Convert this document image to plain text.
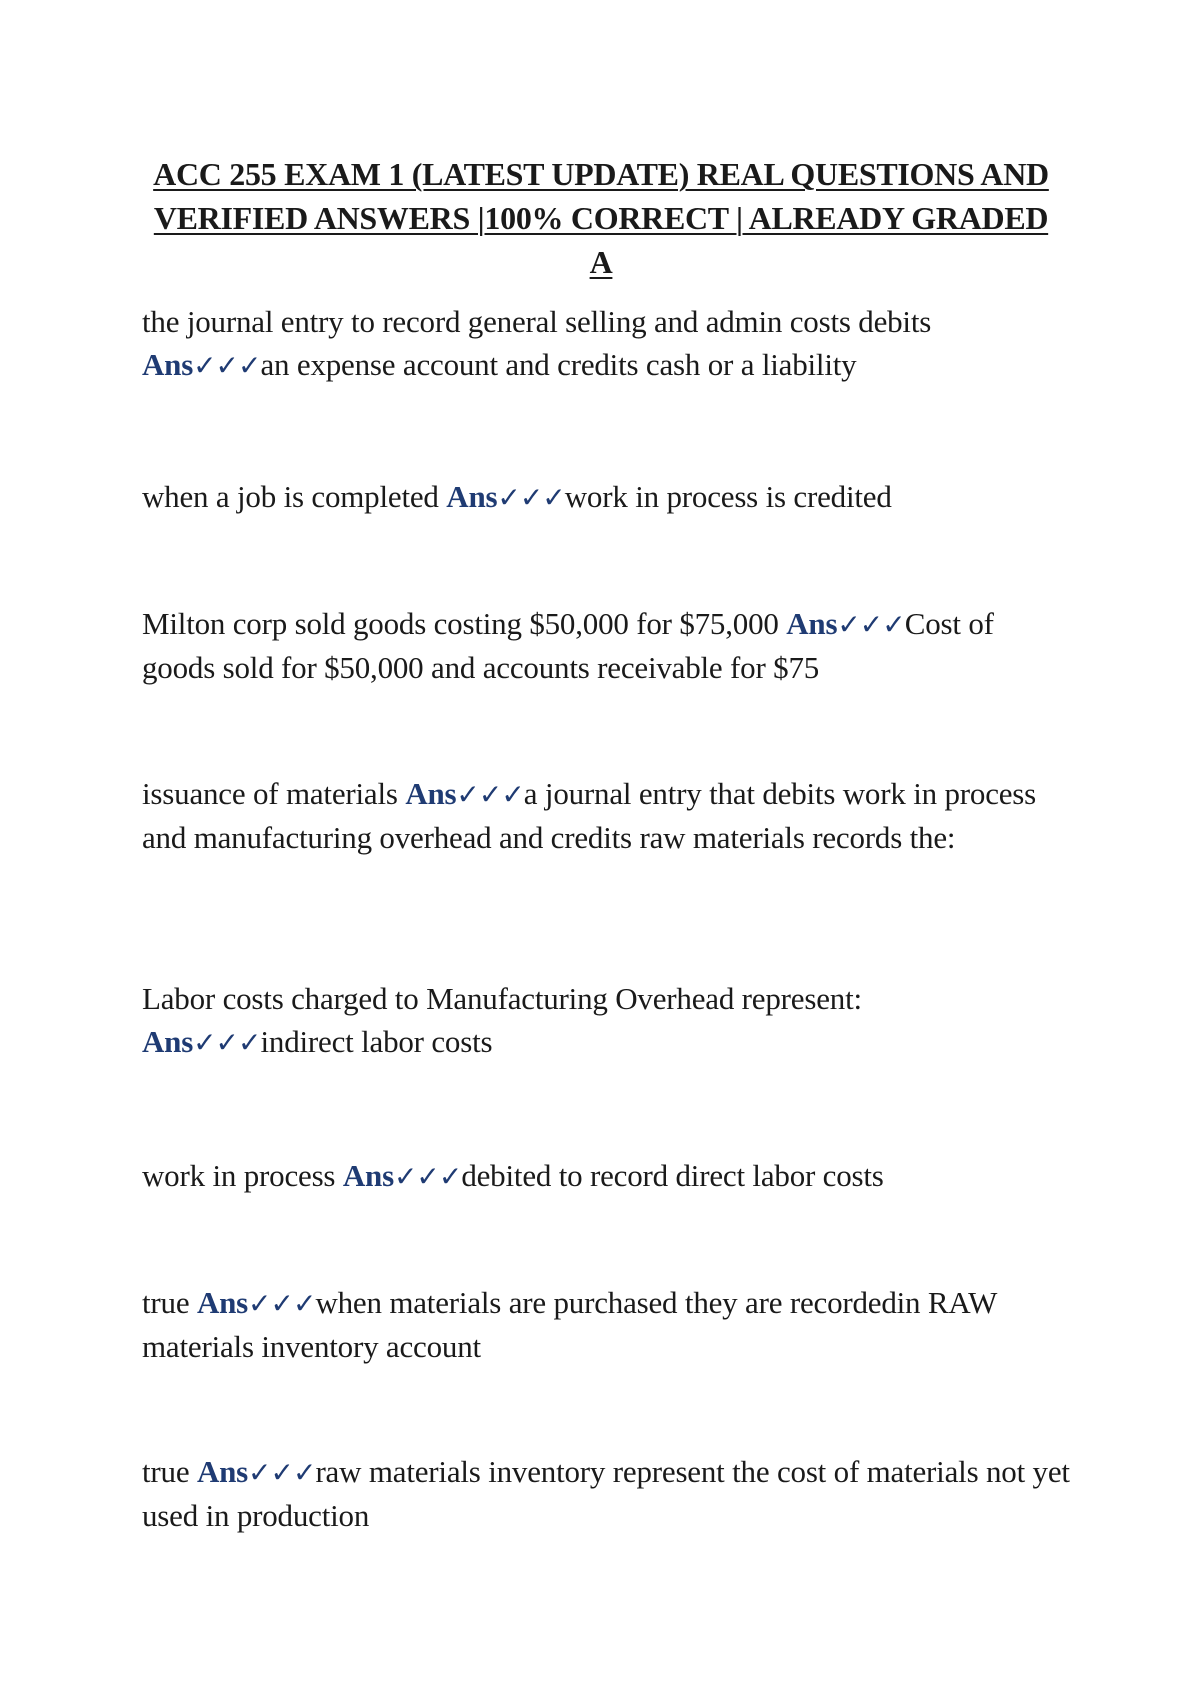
ACC 255 EXAM 1 (LATEST UPDATE) REAL QUESTIONS AND
VERIFIED ANSWERS |100% CORRECT | ALREADY GRADED
A
the journal entry to record general selling and admin costs debits Ans✓✓✓an expense account and credits cash or a liability
when a job is completed Ans✓✓✓work in process is credited
Milton corp sold goods costing $50,000 for $75,000 Ans✓✓✓Cost of goods sold for $50,000 and accounts receivable for $75
issuance of materials Ans✓✓✓a journal entry that debits work in process and manufacturing overhead and credits raw materials records the:
Labor costs charged to Manufacturing Overhead represent: Ans✓✓✓indirect labor costs
work in process Ans✓✓✓debited to record direct labor costs
true Ans✓✓✓when materials are purchased they are recordedin RAW materials inventory account
true Ans✓✓✓raw materials inventory represent the cost of materials not yet used in production
